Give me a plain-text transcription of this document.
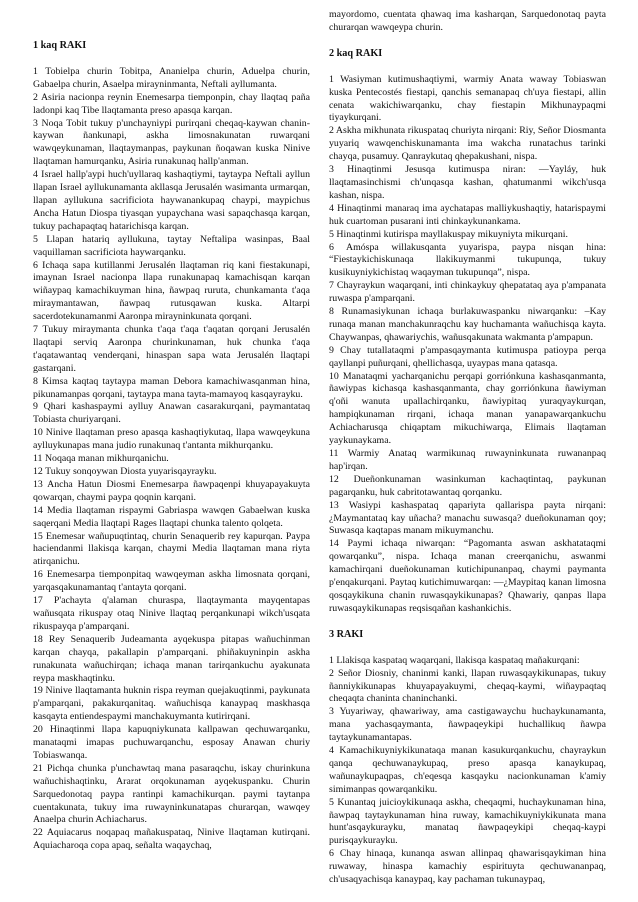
1 kaq RAKI

1 Tobielpa churin Tobitpa, Ananielpa churin, Aduelpa churin, Gabaelpa churin, Asaelpa mirayninmanta, Neftali ayllumanta.

2 Asiria nacionpa reynin Enemesarpa tiemponpin, chay llaqtaq paña ladonpi kaq Tibe llaqtamanta preso apasqa karqan.

3 Noqa Tobit tukuy p'unchayniypi purirqani cheqaq-kaywan chanin-kaywan ñankunapi, askha limosnakunatan ruwarqani wawqeykunaman, llaqtaymanpas, paykunan ñoqawan kuska Ninive llaqtaman hamurqanku, Asiria runakunaq hallp'anman.

4 Israel hallp'aypi huch'uyllaraq kashaqtiymi, taytaypa Neftali ayllun llapan Israel ayllukunamanta akllasqa Jerusalén wasimanta urmarqan, llapan ayllukuna sacrificiota haywanankupaq chaypi, maypichus Ancha Hatun Diospa tiyasqan yupaychana wasi sapaqchasqa karqan, tukuy pachapaqtaq hatarichisqa karqan.

5 Llapan hatariq ayllukuna, taytay Neftalipa wasinpas, Baal vaquillaman sacrificiota haywarqanku.

6 Ichaqa sapa kutillanmi Jerusalén llaqtaman riq kani fiestakunapi, imaynan Israel nacionpa llapa runakunapaq kamachisqan karqan wiñaypaq kamachikuyman hina, ñawpaq ruruta, chunkamanta t'aqa miraymantawan, ñawpaq rutusqawan kuska. Altarpi sacerdotekunamanmi Aaronpa mirayninkunata qorqani.

7 Tukuy miraymanta chunka t'aqa t'aqa t'aqatan qorqani Jerusalén llaqtapi serviq Aaronpa churinkunaman, huk chunka t'aqa t'aqatawantaq venderqani, hinaspan sapa wata Jerusalén llaqtapi gastarqani.

8 Kimsa kaqtaq taytaypa maman Debora kamachiwasqanman hina, pikunamanpas qorqani, taytaypa mana tayta-mamayoq kasqayrayku.

9 Qhari kashaspaymi aylluy Anawan casarakurqani, paymantataq Tobiasta churiyarqani.

10 Ninive llaqtaman preso apasqa kashaqtiykutaq, llapa wawqeykuna aylluykunapas mana judio runakunaq t'antanta mikhurqanku.

11 Noqaqa manan mikhurqanichu.

12 Tukuy sonqoywan Diosta yuyarisqayrayku.

13 Ancha Hatun Diosmi Enemesarpa ñawpaqenpi khuyapayakuyta qowarqan, chaymi paypa qoqnin karqani.

14 Media llaqtaman rispaymi Gabriaspa wawqen Gabaelwan kuska saqerqani Media llaqtapi Rages llaqtapi chunka talento qolqeta.

15 Enemesar wañupuqtintaq, churin Senaquerib rey kapurqan. Paypa haciendanmi llakisqa karqan, chaymi Media llaqtaman mana riyta atirqanichu.

16 Enemesarpa tiemponpitaq wawqeyman askha limosnata qorqani, yarqasqakunamantaq t'antayta qorqani.

17 P'achayta q'alaman churaspa, llaqtaymanta mayqentapas wañusqata rikuspay otaq Ninive llaqtaq perqankunapi wikch'usqata rikuspayqa p'amparqani.

18 Rey Senaquerib Judeamanta ayqekuspa pitapas wañuchinman karqan chayqa, pakallapin p'amparqani. phiñakuyninpin askha runakunata wañuchirqan; ichaqa manan tarirqankuchu ayakunata reypa maskhaqtinku.

19 Ninive llaqtamanta huknin rispa reyman quejakuqtinmi, paykunata p'amparqani, pakakurqanitaq. wañuchisqa kanaypaq maskhasqa kasqayta entiendespaymi manchakuymanta kutirirqani.

20 Hinaqtinmi llapa kapuqniykunata kallpawan qechuwarqanku, manataqmi imapas puchuwarqanchu, esposay Anawan churiy Tobiaswanqa.

21 Pichqa chunka p'unchawtaq mana pasaraqchu, iskay churinkuna wañuchishaqtinku, Ararat orqokunaman ayqekuspanku. Churin Sarquedonotaq paypa rantinpi kamachikurqan. paymi taytanpa cuentakunata, tukuy ima ruwayninkunatapas churarqan, wawqey Anaelpa churin Achiacharus.

22 Aquiacarus noqapaq mañakuspataq, Ninive llaqtaman kutirqani. Aquiacharoqa copa apaq, señalta waqaychaq,

mayordomo, cuentata qhawaq ima kasharqan, Sarquedonotaq payta churarqan wawqeypa churin.

2 kaq RAKI

1 Wasiyman kutimushaqtiymi, warmiy Anata waway Tobiaswan kuska Pentecostés fiestapi, qanchis semanapaq ch'uya fiestapi, allin cenata wakichiwarqanku, chay fiestapin Mikhunaypaqmi tiyaykurqani.

2 Askha mikhunata rikuspataq churiyta nirqani: Riy, Señor Diosmanta yuyariq wawqenchiskunamanta ima wakcha runatachus tarinki chayqa, pusamuy. Qanraykutaq qhepakushani, nispa.

3 Hinaqtinmi Jesusqa kutimuspa niran: —Yayláy, huk llaqtamasinchismi ch'unqasqa kashan, qhatumanmi wikch'usqa kashan, nispa.

4 Hinaqtinmi manaraq ima aychatapas malliykushaqtiy, hatarispaymi huk cuartoman pusarani inti chinkaykunankama.

5 Hinaqtinmi kutirispa mayllakuspay mikuyniyta mikurqani.

6 Amóspa willakusqanta yuyarispa, paypa nisqan hina: “Fiestaykichiskunaqa llakikuymanmi tukupunqa, tukuy kusikuyniykichistaq waqayman tukupunqa”, nispa.

7 Chayraykun waqarqani, inti chinkaykuy qhepatataq aya p'ampanata ruwaspa p'amparqani.

8 Runamasiykunan ichaqa burlakuwaspanku niwarqanku: –Kay runaqa manan manchakunraqchu kay huchamanta wañuchisqa kayta. Chaywanpas, qhawarіychis, wañusqakunata wakmanta p'ampapun.

9 Chay tutallataqmi p'ampasqaymanta kutimuspa patioypa perqa qayllanpi puñurqani, qhellichasqa, uyaypas mana qatasqa.

10 Manataqmi yacharqanichu perqapi gorriónkuna kashasqanmanta, ñawiypas kichasqa kashasqanmanta, chay gorriónkuna ñawiyman q'oñi wanuta upallachirqanku, ñawiypitaq yuraqyaykurqan, hampiqkunaman rirqani, ichaqa manan yanapawarqankuchu Achiacharusqa chiqaptam mikuchiwarqa, Elimais llaqtaman yaykunaykama.

11 Warmiy Anataq warmikunaq ruwayninkunata ruwananpaq hap'irqan.

12 Dueñonkunaman wasinkuman kachaqtintaq, paykunan pagarqanku, huk cabritotawantaq qorqanku.

13 Wasiypi kashaspataq qapariyta qallarispa payta nirqani: ¿Maymantataq kay uñacha? manachu suwasqa? dueñokunaman qoy; Suwasqa kaqtapas manam mikuymanchu.

14 Paymi ichaqa niwarqan: “Pagomanta aswan askhatataqmi qowarqanku”, nispa. Ichaqa manan creerqanichu, aswanmi kamachirqani dueñokunaman kutichipunanpaq, chaymi paymanta p'enqakurqani. Paytaq kutichimuwarqan: —¿Maypitaq kanan limosna qosqaykikuna chanin ruwasqaykikunapas? Qhawariy, qanpas llapa ruwasqaykikunapas reqsisqañan kashankichis.

3 RAKI

1 Llakisqa kaspataq waqarqani, llakisqa kaspataq mañakurqani:

2 Señor Diosniy, chaninmi kanki, llapan ruwasqaykikunapas, tukuy ñanniykikunapas khuyapayakuymi, cheqaq-kaymi, wiñaypaqtaq cheqaqta chaninta chaninchanki.

3 Yuyariway, qhawariway, ama castigawaychu huchaykunamanta, mana yachasqaymanta, ñawpaqeykipi huchallikuq ñawpa taytaykunamantapas.

4 Kamachikuyniykikunataqa manan kasukurqankuchu, chayraykun qanqa qechuwanaykupaq, preso apasqa kanaykupaq, wañunaykupaqpas, ch'eqesqa kasqayku nacionkunaman k'amiy simimanpas qowarqankiku.

5 Kunantaq juicioykikunaqa askha, cheqaqmi, huchaykunaman hina, ñawpaq taytaykunaman hina ruway, kamachikuyniykikunata mana hunt'asqaykurayku, manataq ñawpaqeykipi cheqaq-kaypi purisqaykurayku.

6 Chay hinaqa, kunanqa aswan allinpaq qhawarisqaykiman hina ruwaway, hinaspa kamachiy espirituyta qechuwananpaq, ch'usaqyachisqa kanaypaq, kay pachaman tukunaypaq,
